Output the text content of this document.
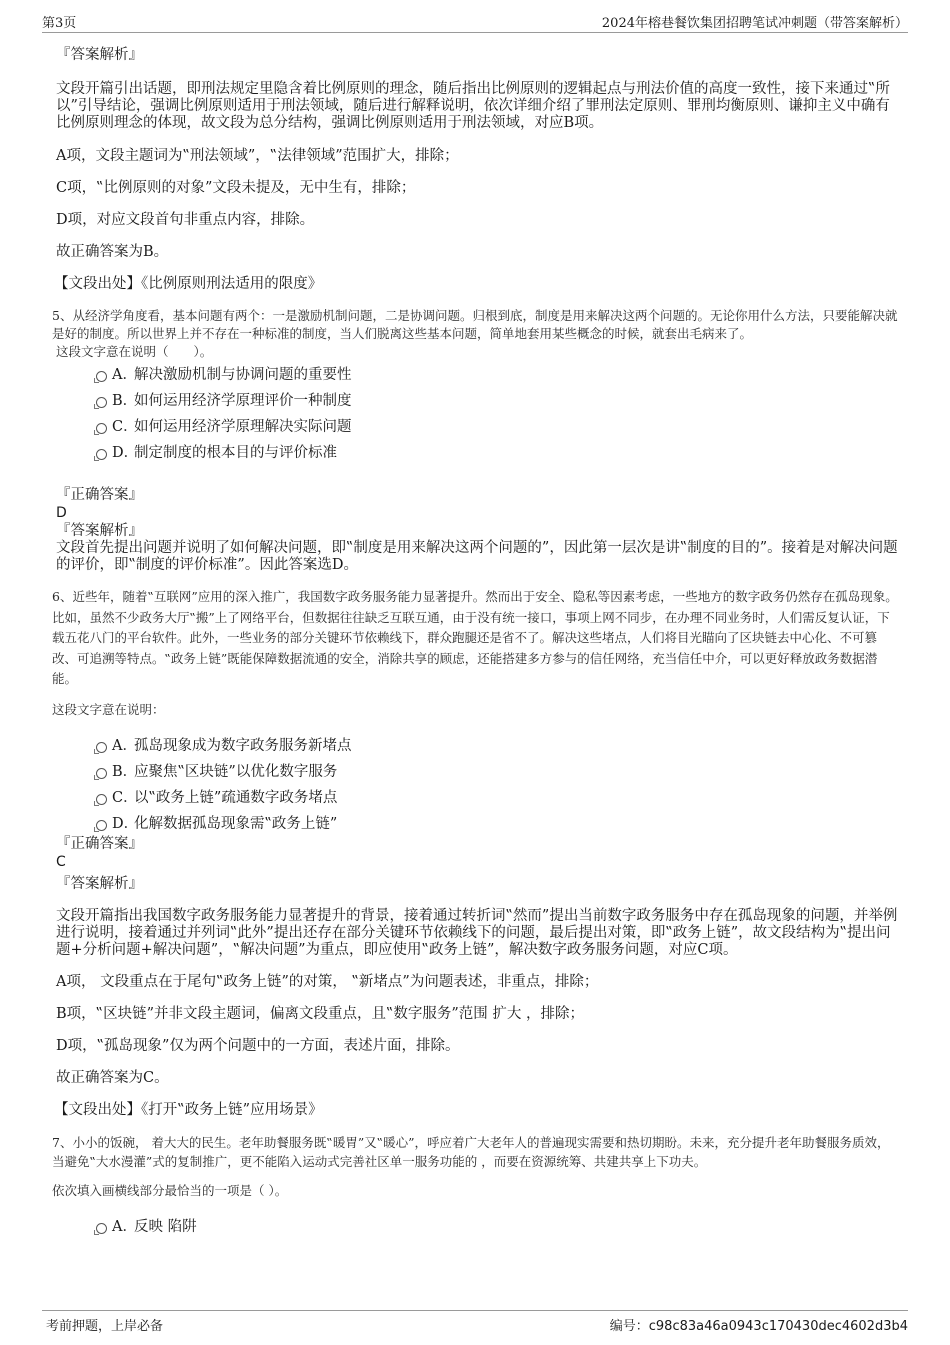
第3页	2024年榕巷餐饮集团招聘笔试冲刺题（带答案解析）

『答案解析』

文段开篇引出话题，即刑法规定里隐含着比例原则的理念，随后指出比例原则的逻辑起点与刑法价值的高度一致性，接下来通过‟所以”引导结论，强调比例原则适用于刑法领域，随后进行解释说明，依次详细介绍了罪刑法定原则、罪刑均衡原则、谦抑主义中确有比例原则理念的体现，故文段为总分结构，强调比例原则适用于刑法领域，对应B项。

A项，文段主题词为‟刑法领域”，‟法律领域”范围扩大，排除；

C项，‟比例原则的对象”文段未提及，无中生有，排除；

D项，对应文段首句非重点内容，排除。

故正确答案为B。

【文段出处】《比例原则刑法适用的限度》

5、从经济学角度看，基本问题有两个：一是激励机制问题，二是协调问题。归根到底，制度是用来解决这两个问题的。无论你用什么方法，只要能解决就是好的制度。所以世界上并不存在一种标准的制度，当人们脱离这些基本问题，简单地套用某些概念的时候，就套出毛病来了。

这段文字意在说明（　　）。

A．
解决激励机制与协调问题的重要性
B．
如何运用经济学原理评价一种制度
C．
如何运用经济学原理解决实际问题
D．
制定制度的根本目的与评价标准

『正确答案』

D

『答案解析』

文段首先提出问题并说明了如何解决问题，即‟制度是用来解决这两个问题的”，因此第一层次是讲‟制度的目的”。接着是对解决问题的评价，即‟制度的评价标准”。因此答案选D。

6、近些年，随着‟互联网”应用的深入推广，我国数字政务服务能力显著提升。然而出于安全、隐私等因素考虑，一些地方的数字政务仍然存在孤岛现象。比如，虽然不少政务大厅‟搬”上了网络平台，但数据往往缺乏互联互通，由于没有统一接口，事项上网不同步，在办理不同业务时，人们需反复认证，下载五花八门的平台软件。此外，一些业务的部分关键环节依赖线下，群众跑腿还是省不了。解决这些堵点，人们将目光瞄向了区块链去中心化、不可篡改、可追溯等特点。‟政务上链”既能保障数据流通的安全，消除共享的顾虑，还能搭建多方参与的信任网络，充当信任中介，可以更好释放政务数据潜能。

这段文字意在说明：

A．
孤岛现象成为数字政务服务新堵点
B．
应聚焦‟区块链”以优化数字服务
C．
以‟政务上链”疏通数字政务堵点
D．
化解数据孤岛现象需‟政务上链”

『正确答案』

C

『答案解析』

文段开篇指出我国数字政务服务能力显著提升的背景，接着通过转折词‟然而”提出当前数字政务服务中存在孤岛现象的问题，并举例进行说明，接着通过并列词‟此外”提出还存在部分关键环节依赖线下的问题，最后提出对策，即‟政务上链”，故文段结构为‟提出问题+分析问题+解决问题”，‟解决问题”为重点，即应使用‟政务上链”，解决数字政务服务问题，对应C项。

A项， 文段重点在于尾句‟政务上链”的对策， ‟新堵点”为问题表述，非重点，排除；

B项，‟区块链”并非文段主题词，偏离文段重点，且‟数字服务”范围 扩大 ，排除；

D项，‟孤岛现象”仅为两个问题中的一方面，表述片面，排除。

故正确答案为C。

【文段出处】《打开‟政务上链”应用场景》

7、小小的饭碗， 着大大的民生。老年助餐服务既‟暖胃”又‟暖心”，呼应着广大老年人的普遍现实需要和热切期盼。未来，充分提升老年助餐服务质效，当避免‟大水漫灌”式的复制推广，更不能陷入运动式完善社区单一服务功能的 ，而要在资源统筹、共建共享上下功夫。

依次填入画横线部分最恰当的一项是（ ）。

A．
反映 陷阱
考前押题，上岸必备	编号：c98c83a46a0943c170430dec4602d3b4
